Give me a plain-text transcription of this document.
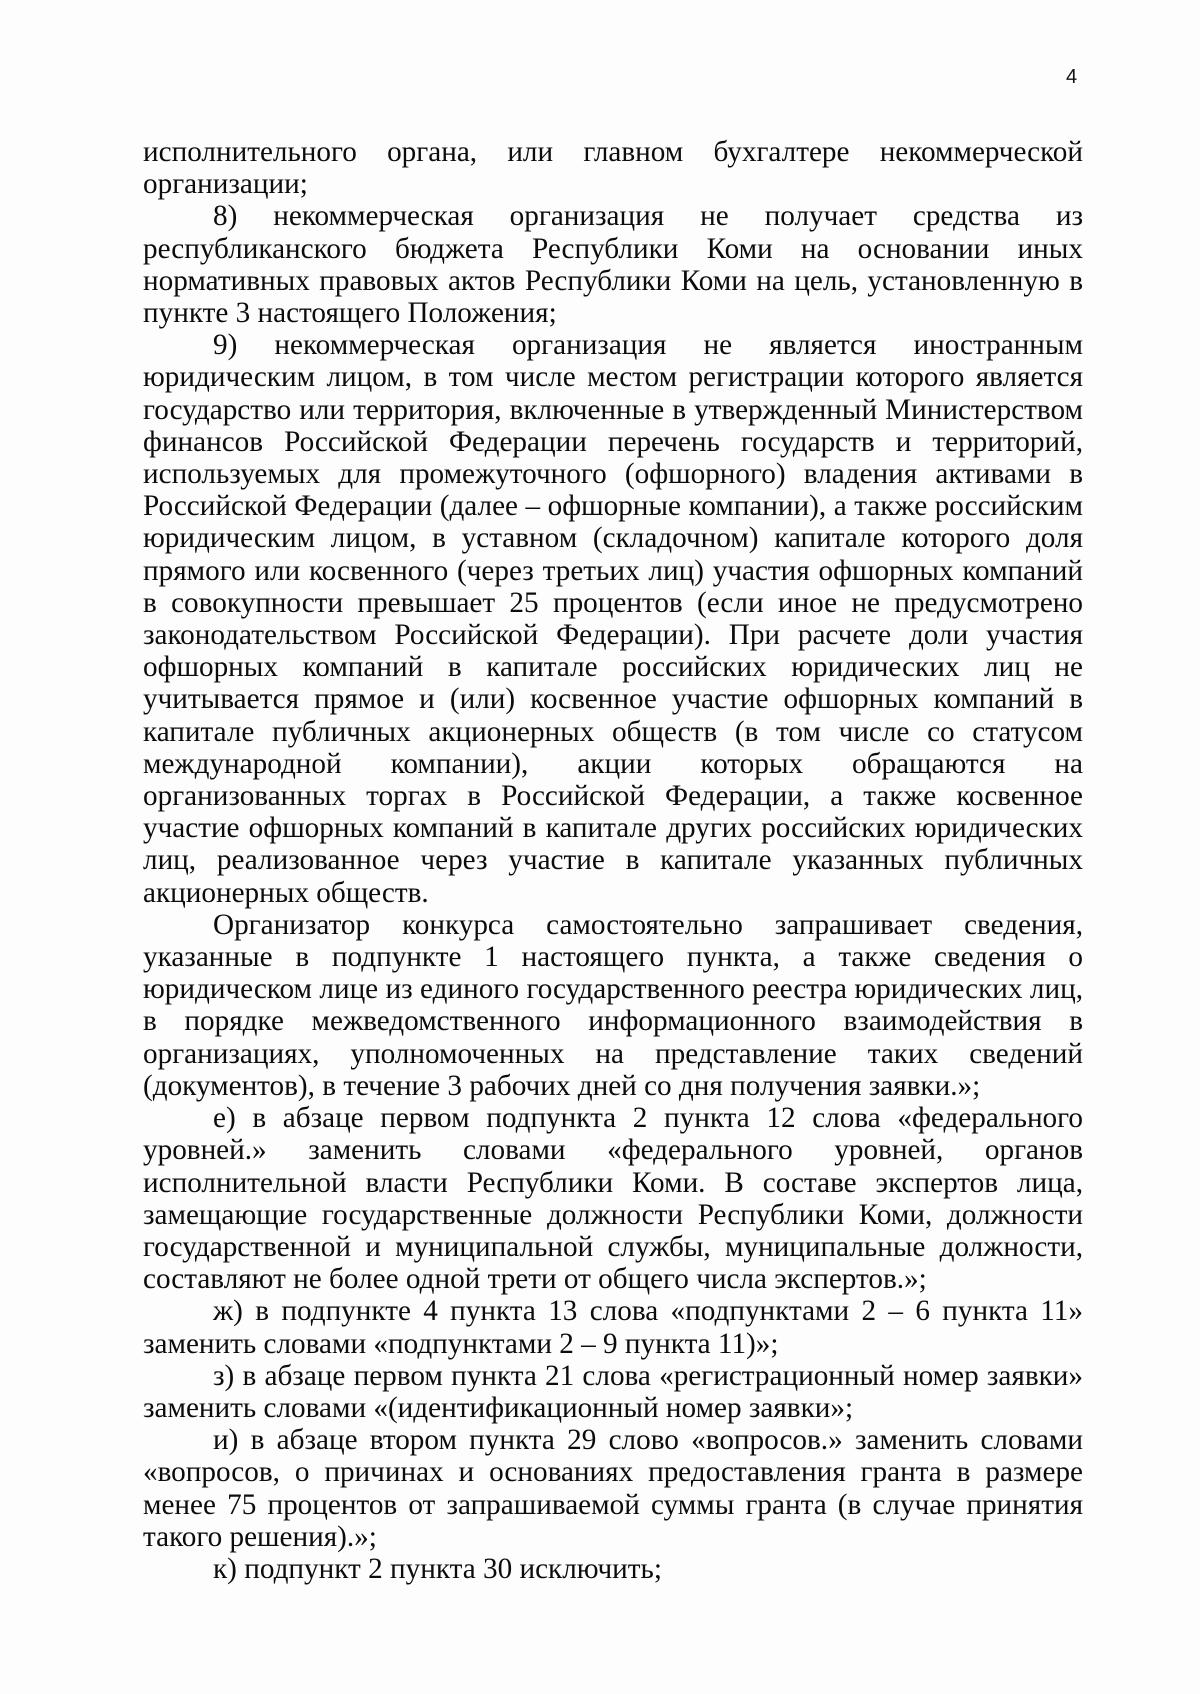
4

исполнительного органа, или главном бухгалтере некоммерческой организации;

8) некоммерческая организация не получает средства из республиканского бюджета Республики Коми на основании иных нормативных правовых актов Республики Коми на цель, установленную в пункте 3 настоящего Положения;

9) некоммерческая организация не является иностранным юридическим лицом, в том числе местом регистрации которого является государство или территория, включенные в утвержденный Министерством финансов Российской Федерации перечень государств и территорий, используемых для промежуточного (офшорного) владения активами в Российской Федерации (далее – офшорные компании), а также российским юридическим лицом, в уставном (складочном) капитале которого доля прямого или косвенного (через третьих лиц) участия офшорных компаний в совокупности превышает 25 процентов (если иное не предусмотрено законодательством Российской Федерации). При расчете доли участия офшорных компаний в капитале российских юридических лиц не учитывается прямое и (или) косвенное участие офшорных компаний в капитале публичных акционерных обществ (в том числе со статусом международной компании), акции которых обращаются на организованных торгах в Российской Федерации, а также косвенное участие офшорных компаний в капитале других российских юридических лиц, реализованное через участие в капитале указанных публичных акционерных обществ.

Организатор конкурса самостоятельно запрашивает сведения, указанные в подпункте 1 настоящего пункта, а также сведения о юридическом лице из единого государственного реестра юридических лиц, в порядке межведомственного информационного взаимодействия в организациях, уполномоченных на представление таких сведений (документов), в течение 3 рабочих дней со дня получения заявки.»;

е) в абзаце первом подпункта 2 пункта 12 слова «федерального уровней.» заменить словами «федерального уровней, органов исполнительной власти Республики Коми. В составе экспертов лица, замещающие государственные должности Республики Коми, должности государственной и муниципальной службы, муниципальные должности, составляют не более одной трети от общего числа экспертов.»;

ж) в подпункте 4 пункта 13 слова «подпунктами 2 – 6 пункта 11» заменить словами «подпунктами 2 – 9 пункта 11)»;

з) в абзаце первом пункта 21 слова «регистрационный номер заявки» заменить словами «(идентификационный номер заявки»;

и) в абзаце втором пункта 29 слово «вопросов.» заменить словами «вопросов, о причинах и основаниях предоставления гранта в размере менее 75 процентов от запрашиваемой суммы гранта (в случае принятия такого решения).»;

к) подпункт 2 пункта 30 исключить;
